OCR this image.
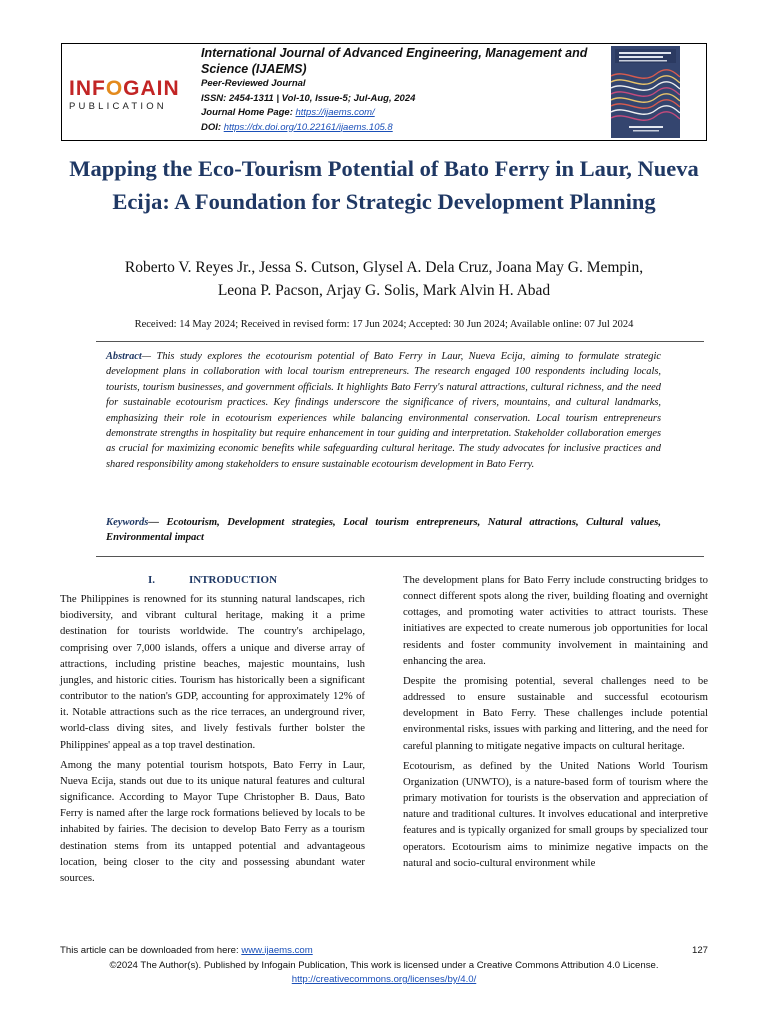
INFOGAIN
PUBLICATION
International Journal of Advanced Engineering, Management and Science (IJAEMS)
Peer-Reviewed Journal
ISSN: 2454-1311 | Vol-10, Issue-5; Jul-Aug, 2024
Journal Home Page: https://ijaems.com/
DOI: https://dx.doi.org/10.22161/ijaems.105.8
Mapping the Eco-Tourism Potential of Bato Ferry in Laur, Nueva Ecija: A Foundation for Strategic Development Planning
Roberto V. Reyes Jr., Jessa S. Cutson, Glysel A. Dela Cruz, Joana May G. Mempin,
Leona P. Pacson, Arjay G. Solis, Mark Alvin H. Abad
Received: 14 May 2024; Received in revised form: 17 Jun 2024; Accepted: 30 Jun 2024; Available online: 07 Jul 2024
Abstract— This study explores the ecotourism potential of Bato Ferry in Laur, Nueva Ecija, aiming to formulate strategic development plans in collaboration with local tourism entrepreneurs. The research engaged 100 respondents including locals, tourists, tourism businesses, and government officials. It highlights Bato Ferry's natural attractions, cultural richness, and the need for sustainable ecotourism practices. Key findings underscore the significance of rivers, mountains, and cultural landmarks, emphasizing their role in ecotourism experiences while balancing environmental conservation. Local tourism entrepreneurs demonstrate strengths in hospitality but require enhancement in tour guiding and interpretation. Stakeholder collaboration emerges as crucial for maximizing economic benefits while safeguarding cultural heritage. The study advocates for inclusive practices and shared responsibility among stakeholders to ensure sustainable ecotourism development in Bato Ferry.
Keywords— Ecotourism, Development strategies, Local tourism entrepreneurs, Natural attractions, Cultural values, Environmental impact
I.	INTRODUCTION

The Philippines is renowned for its stunning natural landscapes, rich biodiversity, and vibrant cultural heritage, making it a prime destination for tourists worldwide. The country's archipelago, comprising over 7,000 islands, offers a unique and diverse array of attractions, including pristine beaches, majestic mountains, lush jungles, and historic cities. Tourism has historically been a significant contributor to the nation's GDP, accounting for approximately 12% of it. Notable attractions such as the rice terraces, an underground river, world-class diving sites, and lively festivals further bolster the Philippines' appeal as a top travel destination.

Among the many potential tourism hotspots, Bato Ferry in Laur, Nueva Ecija, stands out due to its unique natural features and cultural significance. According to Mayor Tupe Christopher B. Daus, Bato Ferry is named after the large rock formations believed by locals to be inhabited by fairies. The decision to develop Bato Ferry as a tourism destination stems from its untapped potential and advantageous location, being closer to the city and possessing abundant water sources.

The development plans for Bato Ferry include constructing bridges to connect different spots along the river, building floating and overnight cottages, and promoting water activities to attract tourists. These initiatives are expected to create numerous job opportunities for local residents and foster community involvement in maintaining and enhancing the area.

Despite the promising potential, several challenges need to be addressed to ensure sustainable and successful ecotourism development in Bato Ferry. These challenges include potential environmental risks, issues with parking and littering, and the need for careful planning to mitigate negative impacts on cultural heritage.

Ecotourism, as defined by the United Nations World Tourism Organization (UNWTO), is a nature-based form of tourism where the primary motivation for tourists is the observation and appreciation of nature and traditional cultures. It involves educational and interpretive features and is typically organized for small groups by specialized tour operators. Ecotourism aims to minimize negative impacts on the natural and socio-cultural environment while

This article can be downloaded from here: www.ijaems.com	127
©2024 The Author(s). Published by Infogain Publication, This work is licensed under a Creative Commons Attribution 4.0 License.
http://creativecommons.org/licenses/by/4.0/
